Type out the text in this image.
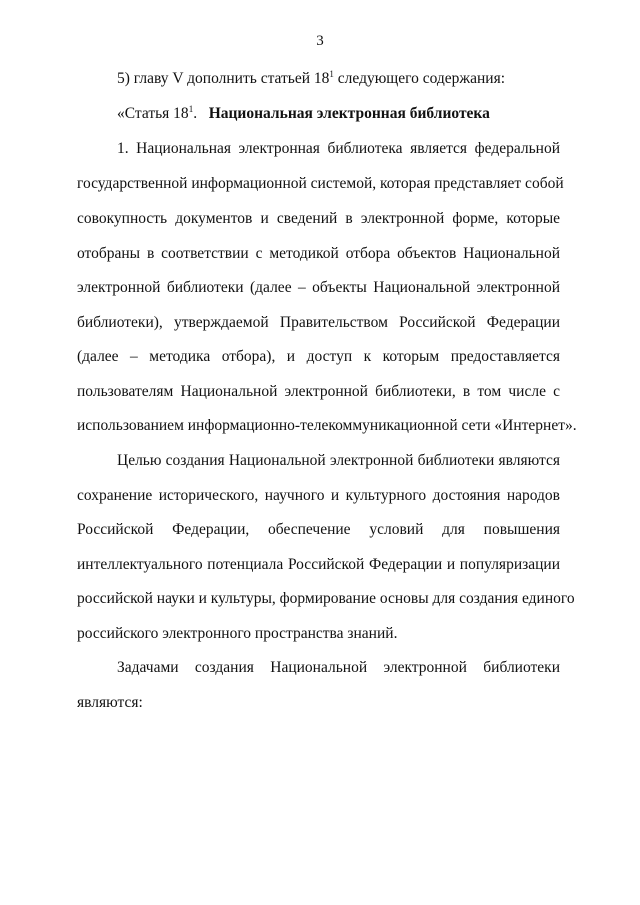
3
5) главу V дополнить статьей $18^1$ следующего содержания:
«Статья $18^1$. Национальная электронная библиотека
1. Национальная электронная библиотека является федеральной
государственной информационной системой, которая представляет собой
совокупность документов и сведений в электронной форме, которые
отобраны в соответствии с методикой отбора объектов Национальной
электронной библиотеки (далее – объекты Национальной электронной
библиотеки), утверждаемой Правительством Российской Федерации
(далее – методика отбора), и доступ к которым предоставляется
пользователям Национальной электронной библиотеки, в том числе с
использованием информационно-телекоммуникационной сети «Интернет».
Целью создания Национальной электронной библиотеки являются
сохранение исторического, научного и культурного достояния народов
Российской Федерации, обеспечение условий для повышения
интеллектуального потенциала Российской Федерации и популяризации
российской науки и культуры, формирование основы для создания единого
российского электронного пространства знаний.
Задачами создания Национальной электронной библиотеки
являются:
